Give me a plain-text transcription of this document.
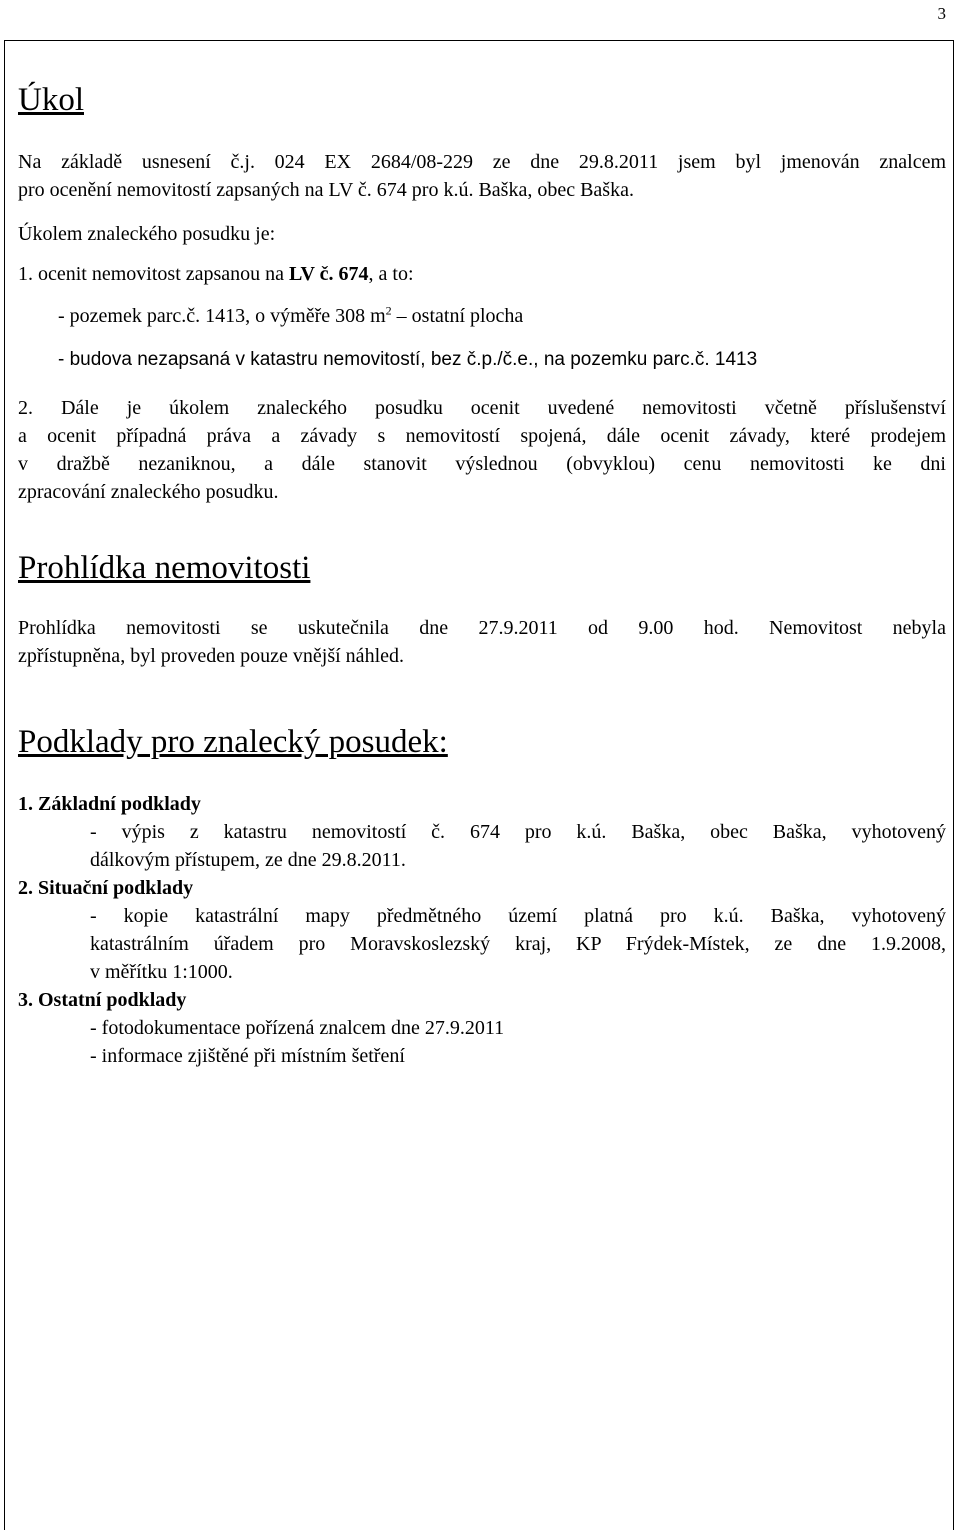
3
Úkol

Na základě usnesení č.j. 024 EX 2684/08-229 ze dne 29.8.2011 jsem byl jmenován znalcem

pro ocenění nemovitostí zapsaných na LV č. 674 pro k.ú. Baška, obec Baška.

Úkolem znaleckého posudku je:

1. ocenit nemovitost zapsanou na LV č. 674, a to:

- pozemek parc.č. 1413, o výměře 308 $m^2$ – ostatní plocha

- budova nezapsaná v katastru nemovitostí, bez č.p./č.e., na pozemku parc.č. 1413

2. Dále je úkolem znaleckého posudku ocenit uvedené nemovitosti včetně příslušenství

a ocenit případná práva a závady s nemovitostí spojená, dále ocenit závady, které prodejem

v dražbě nezaniknou, a dále stanovit výslednou (obvyklou) cenu nemovitosti ke dni

zpracování znaleckého posudku.

Prohlídka nemovitosti

Prohlídka nemovitosti se uskutečnila dne 27.9.2011 od 9.00 hod. Nemovitost nebyla

zpřístupněna, byl proveden pouze vnější náhled.

Podklady pro znalecký posudek:

1. Základní podklady

- výpis z katastru nemovitostí č. 674 pro k.ú. Baška, obec Baška, vyhotovený

dálkovým přístupem, ze dne 29.8.2011.

2. Situační podklady

- kopie katastrální mapy předmětného území platná pro k.ú. Baška, vyhotovený

katastrálním úřadem pro Moravskoslezský kraj, KP Frýdek-Místek, ze dne 1.9.2008,

v měřítku 1:1000.

3. Ostatní podklady

- fotodokumentace pořízená znalcem dne 27.9.2011

- informace zjištěné při místním šetření
